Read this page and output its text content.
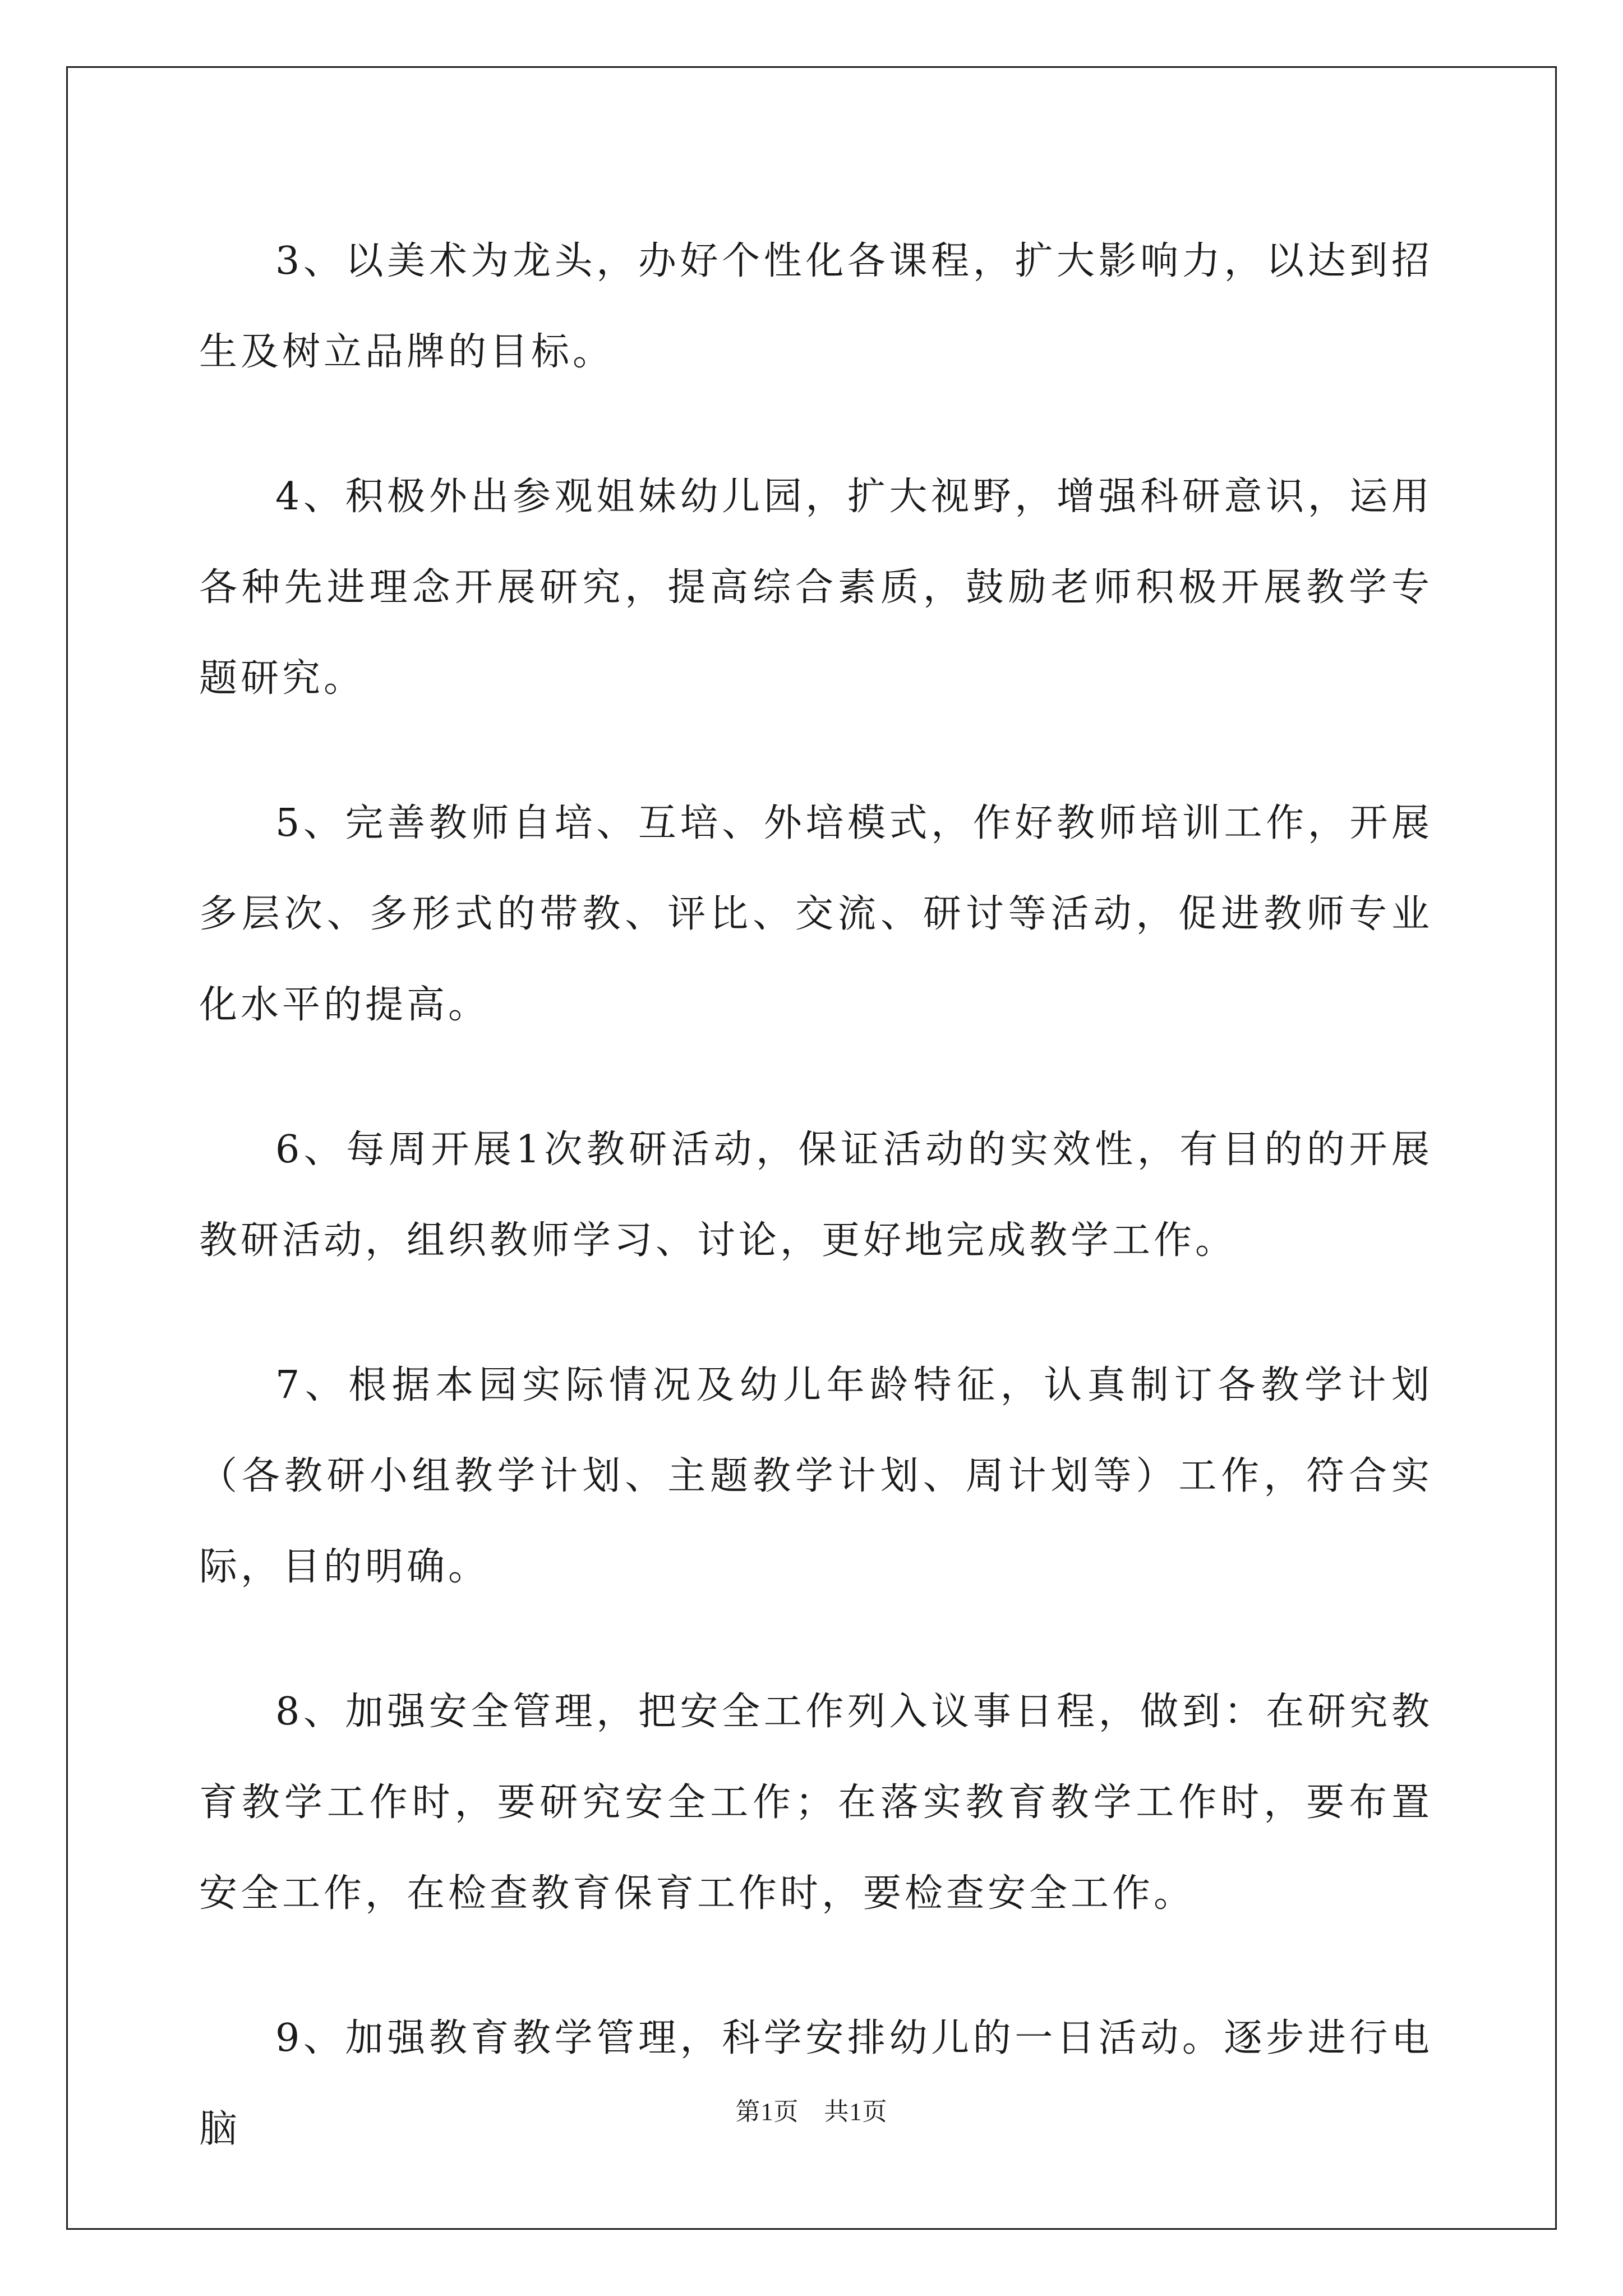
3、以美术为龙头，办好个性化各课程，扩大影响力，以达到招生及树立品牌的目标。

4、积极外出参观姐妹幼儿园，扩大视野，增强科研意识，运用各种先进理念开展研究，提高综合素质，鼓励老师积极开展教学专题研究。

5、完善教师自培、互培、外培模式，作好教师培训工作，开展多层次、多形式的带教、评比、交流、研讨等活动，促进教师专业化水平的提高。

6、每周开展1次教研活动，保证活动的实效性，有目的的开展教研活动，组织教师学习、讨论，更好地完成教学工作。

7、根据本园实际情况及幼儿年龄特征，认真制订各教学计划（各教研小组教学计划、主题教学计划、周计划等）工作，符合实际，目的明确。

8、加强安全管理，把安全工作列入议事日程，做到：在研究教育教学工作时，要研究安全工作；在落实教育教学工作时，要布置安全工作，在检查教育保育工作时，要检查安全工作。

9、加强教育教学管理，科学安排幼儿的一日活动。逐步进行电脑	第1页　共1页
